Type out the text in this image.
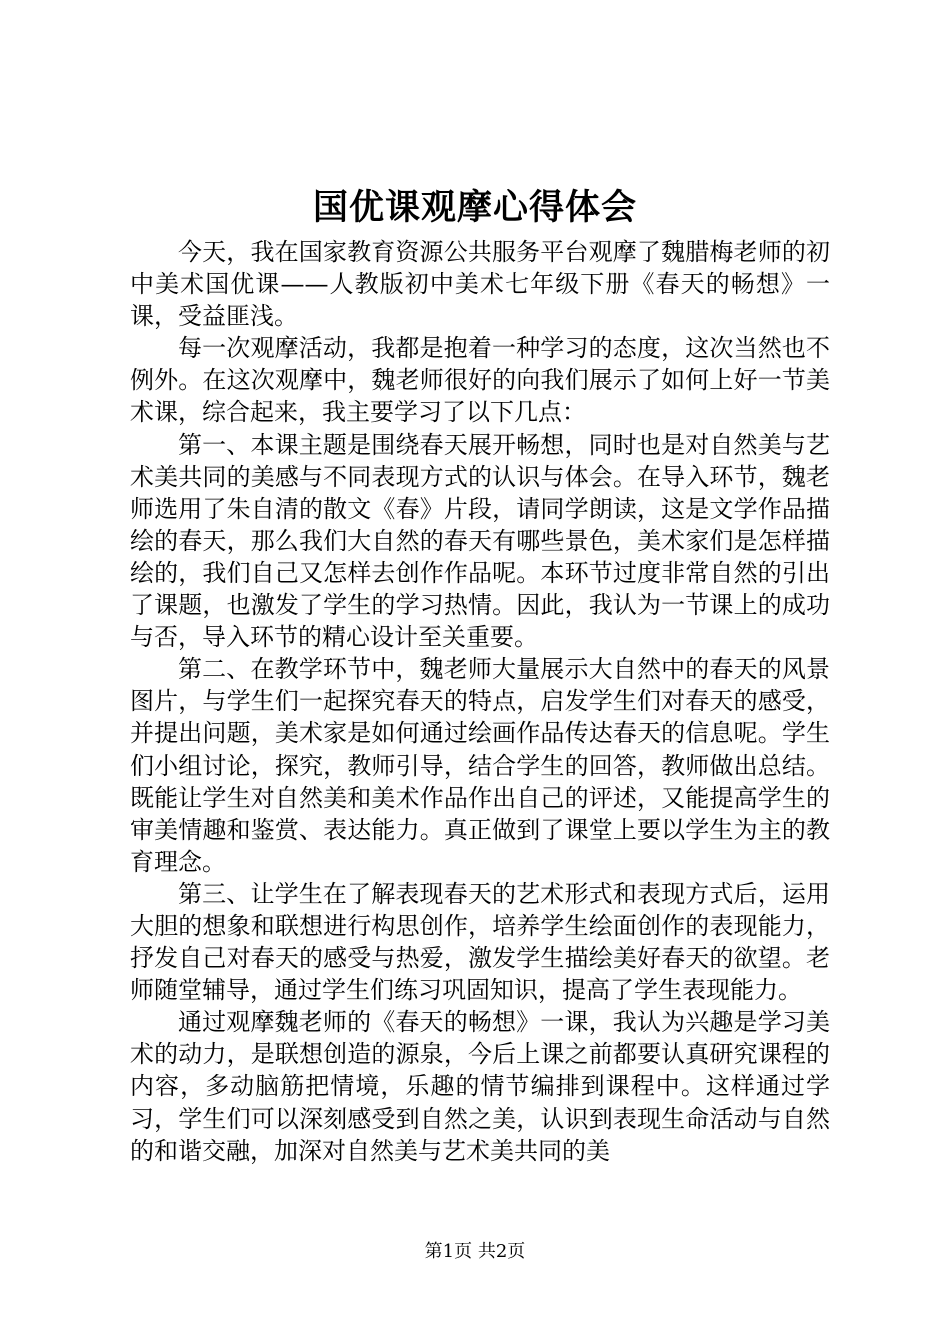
国优课观摩心得体会

今天，我在国家教育资源公共服务平台观摩了魏腊梅老师的初中美术国优课——人教版初中美术七年级下册《春天的畅想》一课，受益匪浅。

每一次观摩活动，我都是抱着一种学习的态度，这次当然也不例外。在这次观摩中，魏老师很好的向我们展示了如何上好一节美术课，综合起来，我主要学习了以下几点：

第一、本课主题是围绕春天展开畅想，同时也是对自然美与艺术美共同的美感与不同表现方式的认识与体会。在导入环节，魏老师选用了朱自清的散文《春》片段，请同学朗读，这是文学作品描绘的春天，那么我们大自然的春天有哪些景色，美术家们是怎样描绘的，我们自己又怎样去创作作品呢。本环节过度非常自然的引出了课题，也激发了学生的学习热情。因此，我认为一节课上的成功与否，导入环节的精心设计至关重要。

第二、在教学环节中，魏老师大量展示大自然中的春天的风景图片，与学生们一起探究春天的特点，启发学生们对春天的感受，并提出问题，美术家是如何通过绘画作品传达春天的信息呢。学生们小组讨论，探究，教师引导，结合学生的回答，教师做出总结。既能让学生对自然美和美术作品作出自己的评述，又能提高学生的审美情趣和鉴赏、表达能力。真正做到了课堂上要以学生为主的教育理念。

第三、让学生在了解表现春天的艺术形式和表现方式后，运用大胆的想象和联想进行构思创作，培养学生绘面创作的表现能力，抒发自己对春天的感受与热爱，激发学生描绘美好春天的欲望。老师随堂辅导，通过学生们练习巩固知识，提高了学生表现能力。

通过观摩魏老师的《春天的畅想》一课，我认为兴趣是学习美术的动力，是联想创造的源泉，今后上课之前都要认真研究课程的内容，多动脑筋把情境，乐趣的情节编排到课程中。这样通过学习，学生们可以深刻感受到自然之美，认识到表现生命活动与自然的和谐交融，加深对自然美与艺术美共同的美

第1页 共2页
